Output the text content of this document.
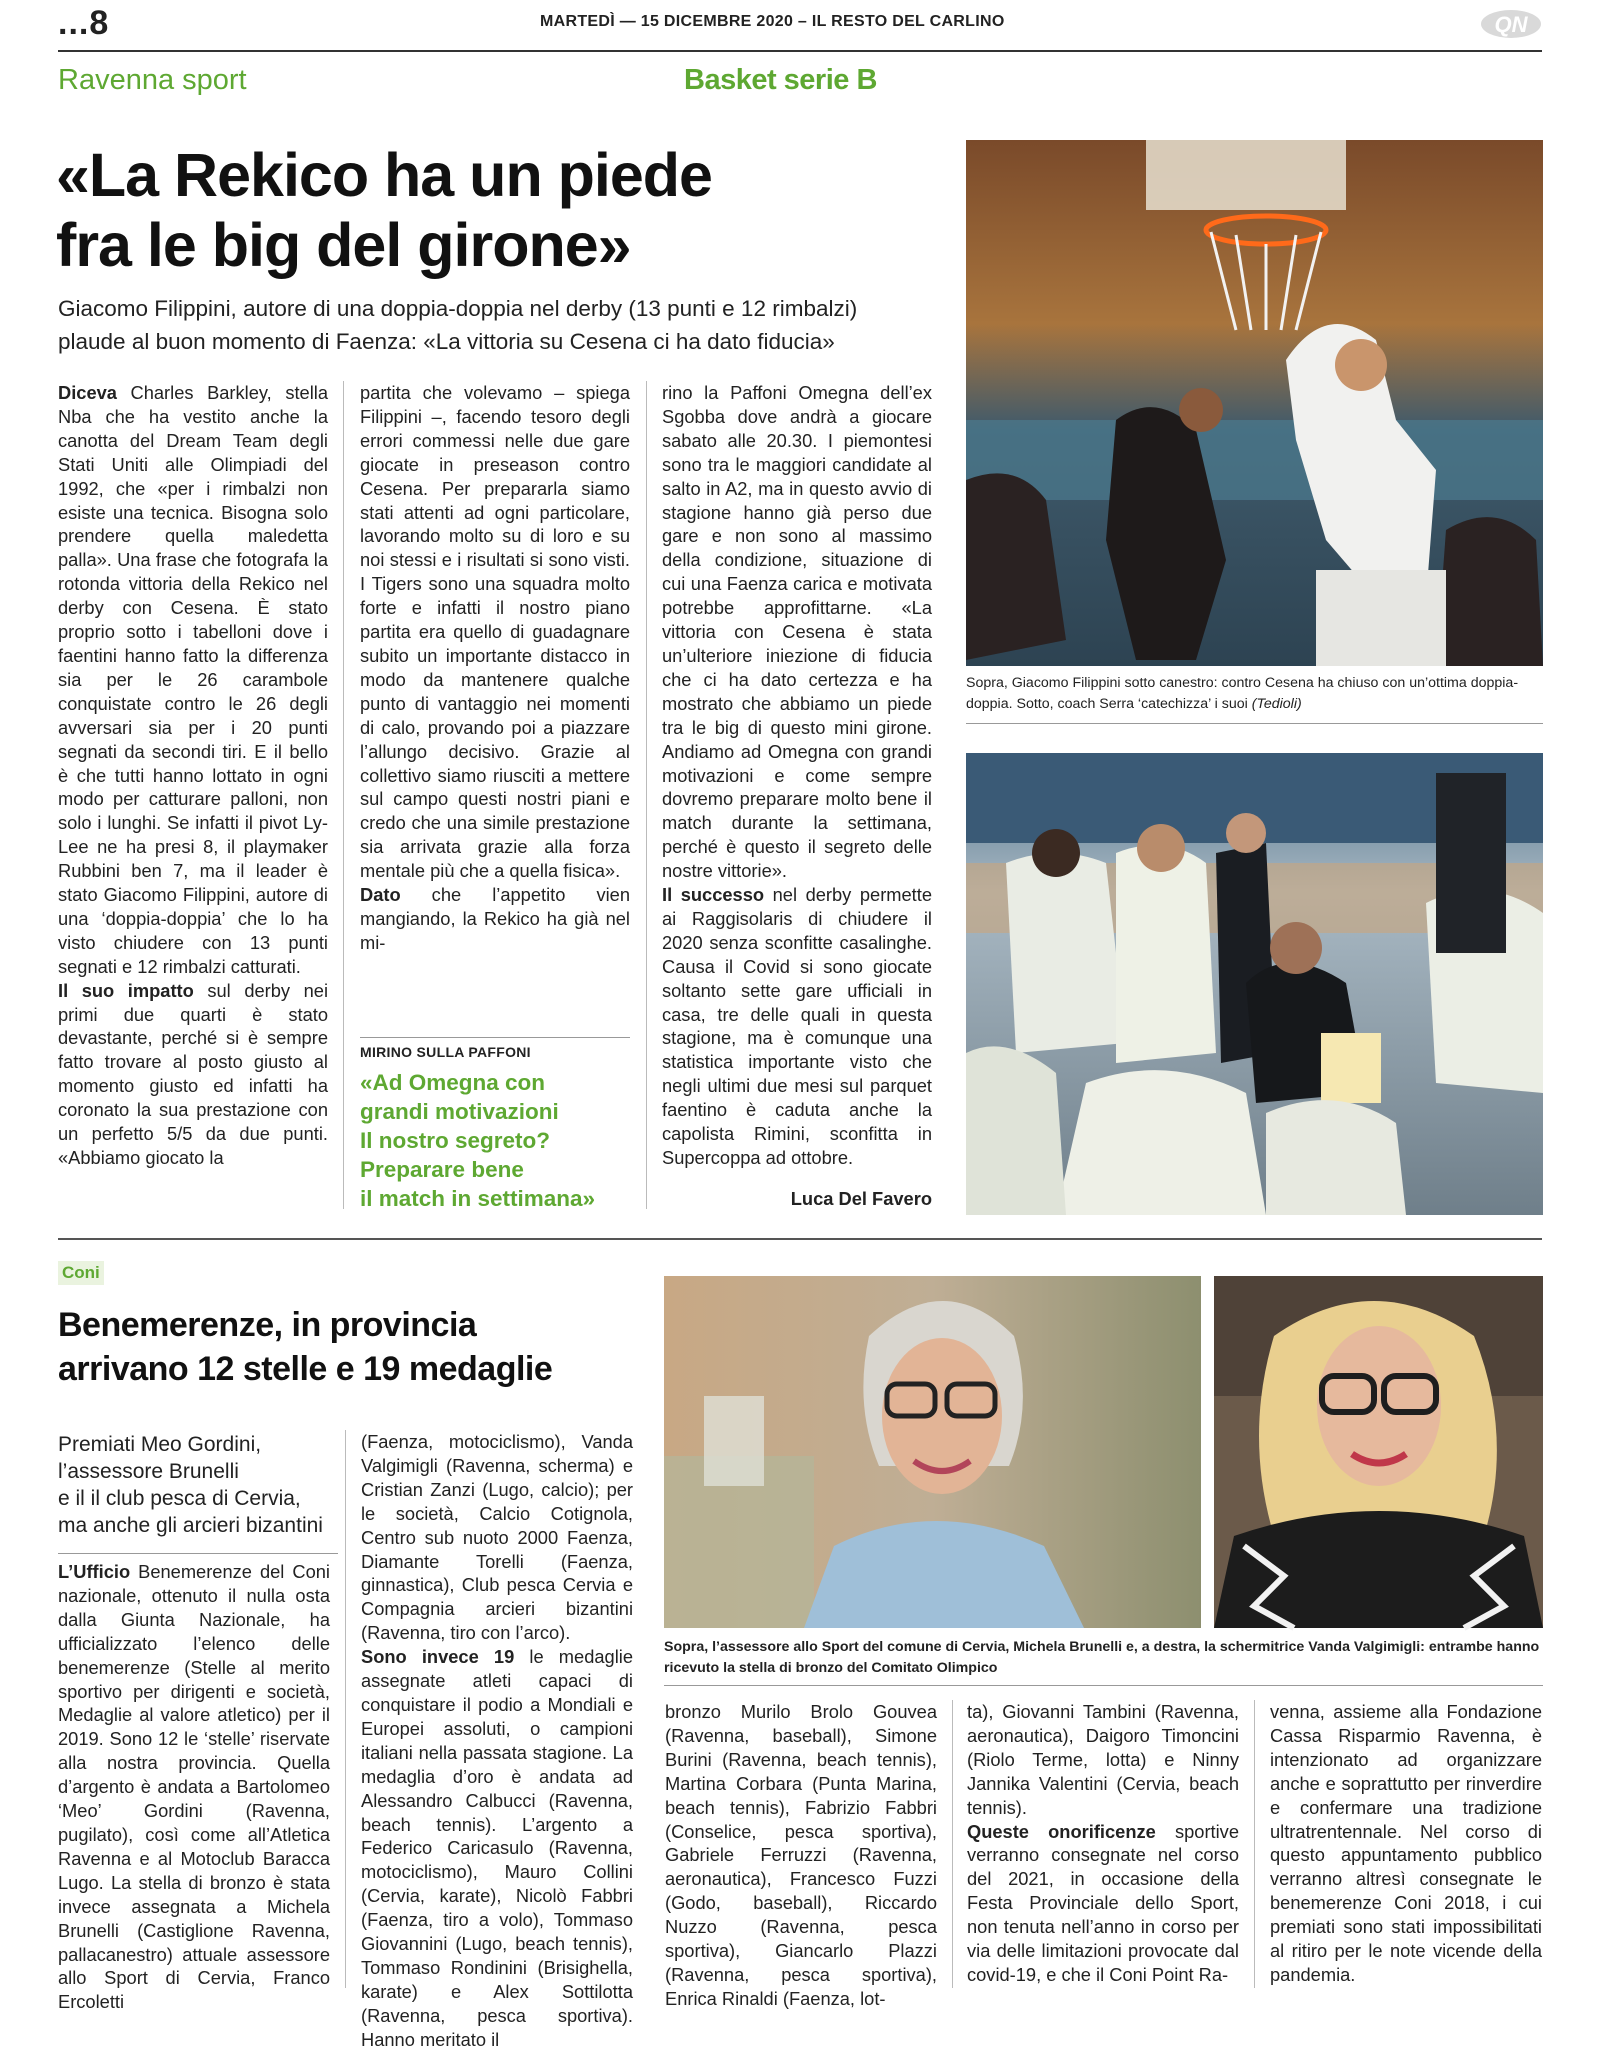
...8	MARTEDÌ — 15 DICEMBRE 2020 – IL RESTO DEL CARLINO	QN
Ravenna sport	Basket serie B
«La Rekico ha un piede
fra le big del girone»
Giacomo Filippini, autore di una doppia-doppia nel derby (13 punti e 12 rimbalzi)
plaude al buon momento di Faenza: «La vittoria su Cesena ci ha dato fiducia»

Diceva Charles Barkley, stella Nba che ha vestito anche la canotta del Dream Team degli Stati Uniti alle Olimpiadi del 1992, che «per i rimbalzi non esiste una tecnica. Bisogna solo prendere quella maledetta palla». Una frase che fotografa la rotonda vittoria della Rekico nel derby con Cesena. È stato proprio sotto i tabelloni dove i faentini hanno fatto la differenza sia per le 26 carambole conquistate contro le 26 degli avversari sia per i 20 punti segnati da secondi tiri. E il bello è che tutti hanno lottato in ogni modo per catturare palloni, non solo i lunghi. Se infatti il pivot Ly-Lee ne ha presi 8, il playmaker Rubbini ben 7, ma il leader è stato Giacomo Filippini, autore di una ‘doppia-doppia’ che lo ha visto chiudere con 13 punti segnati e 12 rimbalzi catturati.

Il suo impatto sul derby nei primi due quarti è stato devastante, perché si è sempre fatto trovare al posto giusto al momento giusto ed infatti ha coronato la sua prestazione con un perfetto 5/5 da due punti. «Abbiamo giocato la

partita che volevamo – spiega Filippini –, facendo tesoro degli errori commessi nelle due gare giocate in preseason contro Cesena. Per prepararla siamo stati attenti ad ogni particolare, lavorando molto su di loro e su noi stessi e i risultati si sono visti. I Tigers sono una squadra molto forte e infatti il nostro piano partita era quello di guadagnare subito un importante distacco in modo da mantenere qualche punto di vantaggio nei momenti di calo, provando poi a piazzare l’allungo decisivo. Grazie al collettivo siamo riusciti a mettere sul campo questi nostri piani e credo che una simile prestazione sia arrivata grazie alla forza mentale più che a quella fisica».

Dato che l’appetito vien mangiando, la Rekico ha già nel mi-

MIRINO SULLA PAFFONI
«Ad Omegna con
grandi motivazioni
Il nostro segreto?
Preparare bene
il match in settimana»

rino la Paffoni Omegna dell’ex Sgobba dove andrà a giocare sabato alle 20.30. I piemontesi sono tra le maggiori candidate al salto in A2, ma in questo avvio di stagione hanno già perso due gare e non sono al massimo della condizione, situazione di cui una Faenza carica e motivata potrebbe approfittarne. «La vittoria con Cesena è stata un’ulteriore iniezione di fiducia che ci ha dato certezza e ha mostrato che abbiamo un piede tra le big di questo mini girone. Andiamo ad Omegna con grandi motivazioni e come sempre dovremo preparare molto bene il match durante la settimana, perché è questo il segreto delle nostre vittorie».

Il successo nel derby permette ai Raggisolaris di chiudere il 2020 senza sconfitte casalinghe. Causa il Covid si sono giocate soltanto sette gare ufficiali in casa, tre delle quali in questa stagione, ma è comunque una statistica importante visto che negli ultimi due mesi sul parquet faentino è caduta anche la capolista Rimini, sconfitta in Supercoppa ad ottobre.

Luca Del Favero
Sopra, Giacomo Filippini sotto canestro: contro Cesena ha chiuso con un’ottima doppia-doppia. Sotto, coach Serra ‘catechizza’ i suoi (Tedioli)
Coni
Benemerenze, in provincia
arrivano 12 stelle e 19 medaglie
Premiati Meo Gordini,
l’assessore Brunelli
e il il club pesca di Cervia,
ma anche gli arcieri bizantini

L’Ufficio Benemerenze del Coni nazionale, ottenuto il nulla osta dalla Giunta Nazionale, ha ufficializzato l’elenco delle benemerenze (Stelle al merito sportivo per dirigenti e società, Medaglie al valore atletico) per il 2019. Sono 12 le ‘stelle’ riservate alla nostra provincia. Quella d’argento è andata a Bartolomeo ‘Meo’ Gordini (Ravenna, pugilato), così come all’Atletica Ravenna e al Motoclub Baracca Lugo. La stella di bronzo è stata invece assegnata a Michela Brunelli (Castiglione Ravenna, pallacanestro) attuale assessore allo Sport di Cervia, Franco Ercoletti

(Faenza, motociclismo), Vanda Valgimigli (Ravenna, scherma) e Cristian Zanzi (Lugo, calcio); per le società, Calcio Cotignola, Centro sub nuoto 2000 Faenza, Diamante Torelli (Faenza, ginnastica), Club pesca Cervia e Compagnia arcieri bizantini (Ravenna, tiro con l’arco).

Sono invece 19 le medaglie assegnate atleti capaci di conquistare il podio a Mondiali e Europei assoluti, o campioni italiani nella passata stagione. La medaglia d’oro è andata ad Alessandro Calbucci (Ravenna, beach tennis). L’argento a Federico Caricasulo (Ravenna, motociclismo), Mauro Collini (Cervia, karate), Nicolò Fabbri (Faenza, tiro a volo), Tommaso Giovannini (Lugo, beach tennis), Tommaso Rondinini (Brisighella, karate) e Alex Sottilotta (Ravenna, pesca sportiva). Hanno meritato il

Sopra, l’assessore allo Sport del comune di Cervia, Michela Brunelli e, a destra, la schermitrice Vanda Valgimigli: entrambe hanno ricevuto la stella di bronzo del Comitato Olimpico

bronzo Murilo Brolo Gouvea (Ravenna, baseball), Simone Burini (Ravenna, beach tennis), Martina Corbara (Punta Marina, beach tennis), Fabrizio Fabbri (Conselice, pesca sportiva), Gabriele Ferruzzi (Ravenna, aeronautica), Francesco Fuzzi (Godo, baseball), Riccardo Nuzzo (Ravenna, pesca sportiva), Giancarlo Plazzi (Ravenna, pesca sportiva), Enrica Rinaldi (Faenza, lot-

ta), Giovanni Tambini (Ravenna, aeronautica), Daigoro Timoncini (Riolo Terme, lotta) e Ninny Jannika Valentini (Cervia, beach tennis).

Queste onorificenze sportive verranno consegnate nel corso del 2021, in occasione della Festa Provinciale dello Sport, non tenuta nell’anno in corso per via delle limitazioni provocate dal covid-19, e che il Coni Point Ra-

venna, assieme alla Fondazione Cassa Risparmio Ravenna, è intenzionato ad organizzare anche e soprattutto per rinverdire e confermare una tradizione ultratrentennale. Nel corso di questo appuntamento pubblico verranno altresì consegnate le benemerenze Coni 2018, i cui premiati sono stati impossibilitati al ritiro per le note vicende della pandemia.
